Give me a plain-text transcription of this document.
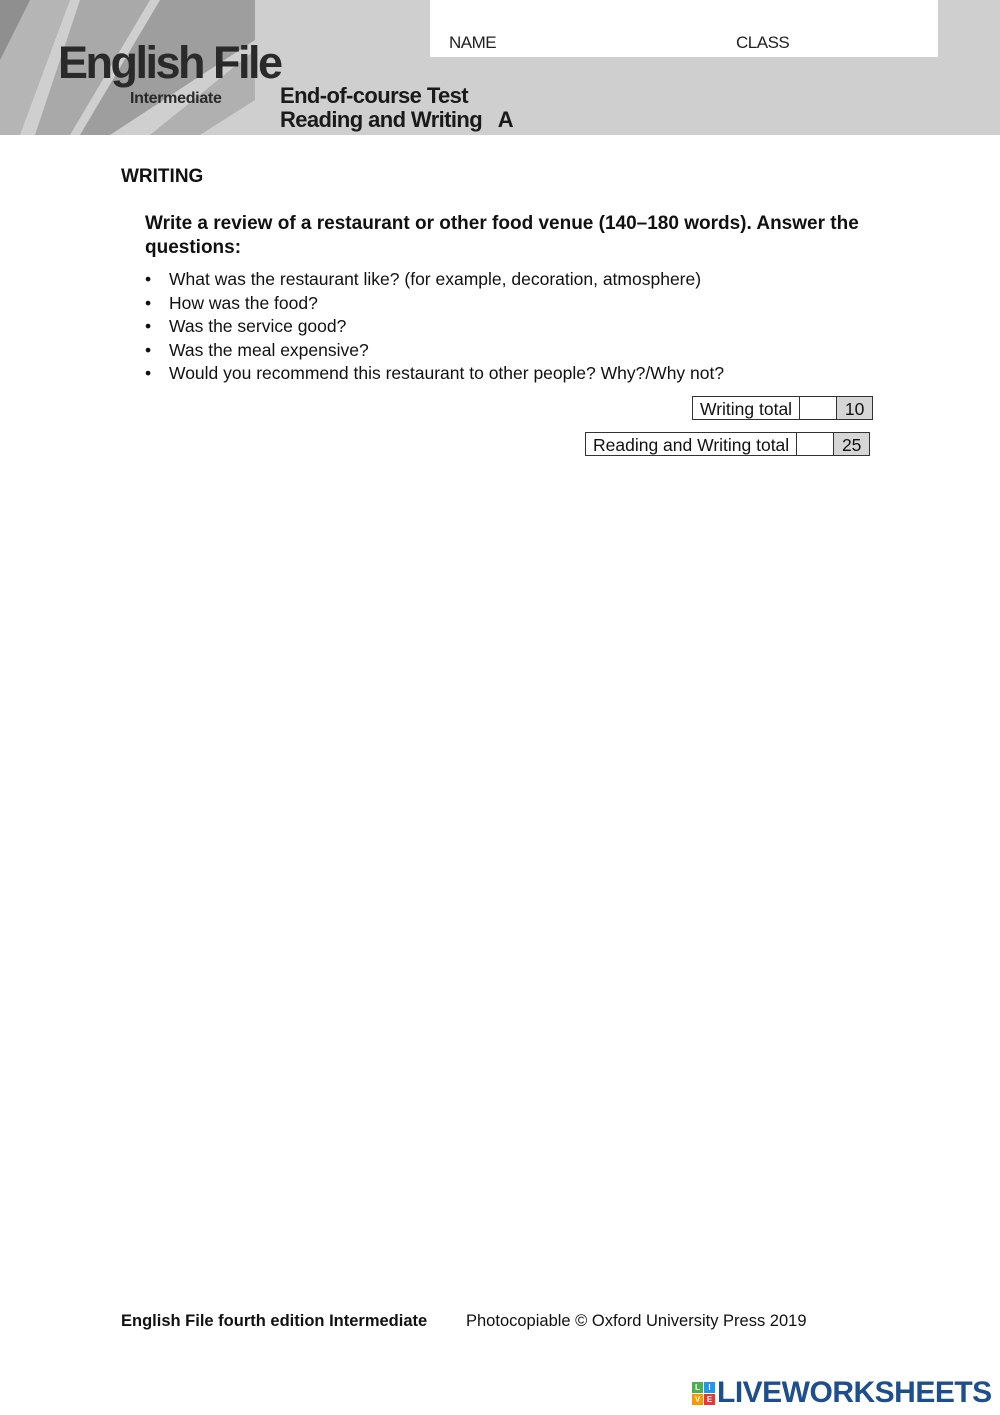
NAME	CLASS
English File
Intermediate	End-of-course Test
Reading and Writing   A
WRITING
Write a review of a restaurant or other food venue (140–180 words). Answer the questions:
•	What was the restaurant like? (for example, decoration, atmosphere)
•	How was the food?
•	Was the service good?
•	Was the meal expensive?
•	Would you recommend this restaurant to other people? Why?/Why not?
Writing total	10
Reading and Writing total	25
English File fourth edition Intermediate Photocopiable © Oxford University Press 2019
L	I
V E LIVEWORKSHEETS
